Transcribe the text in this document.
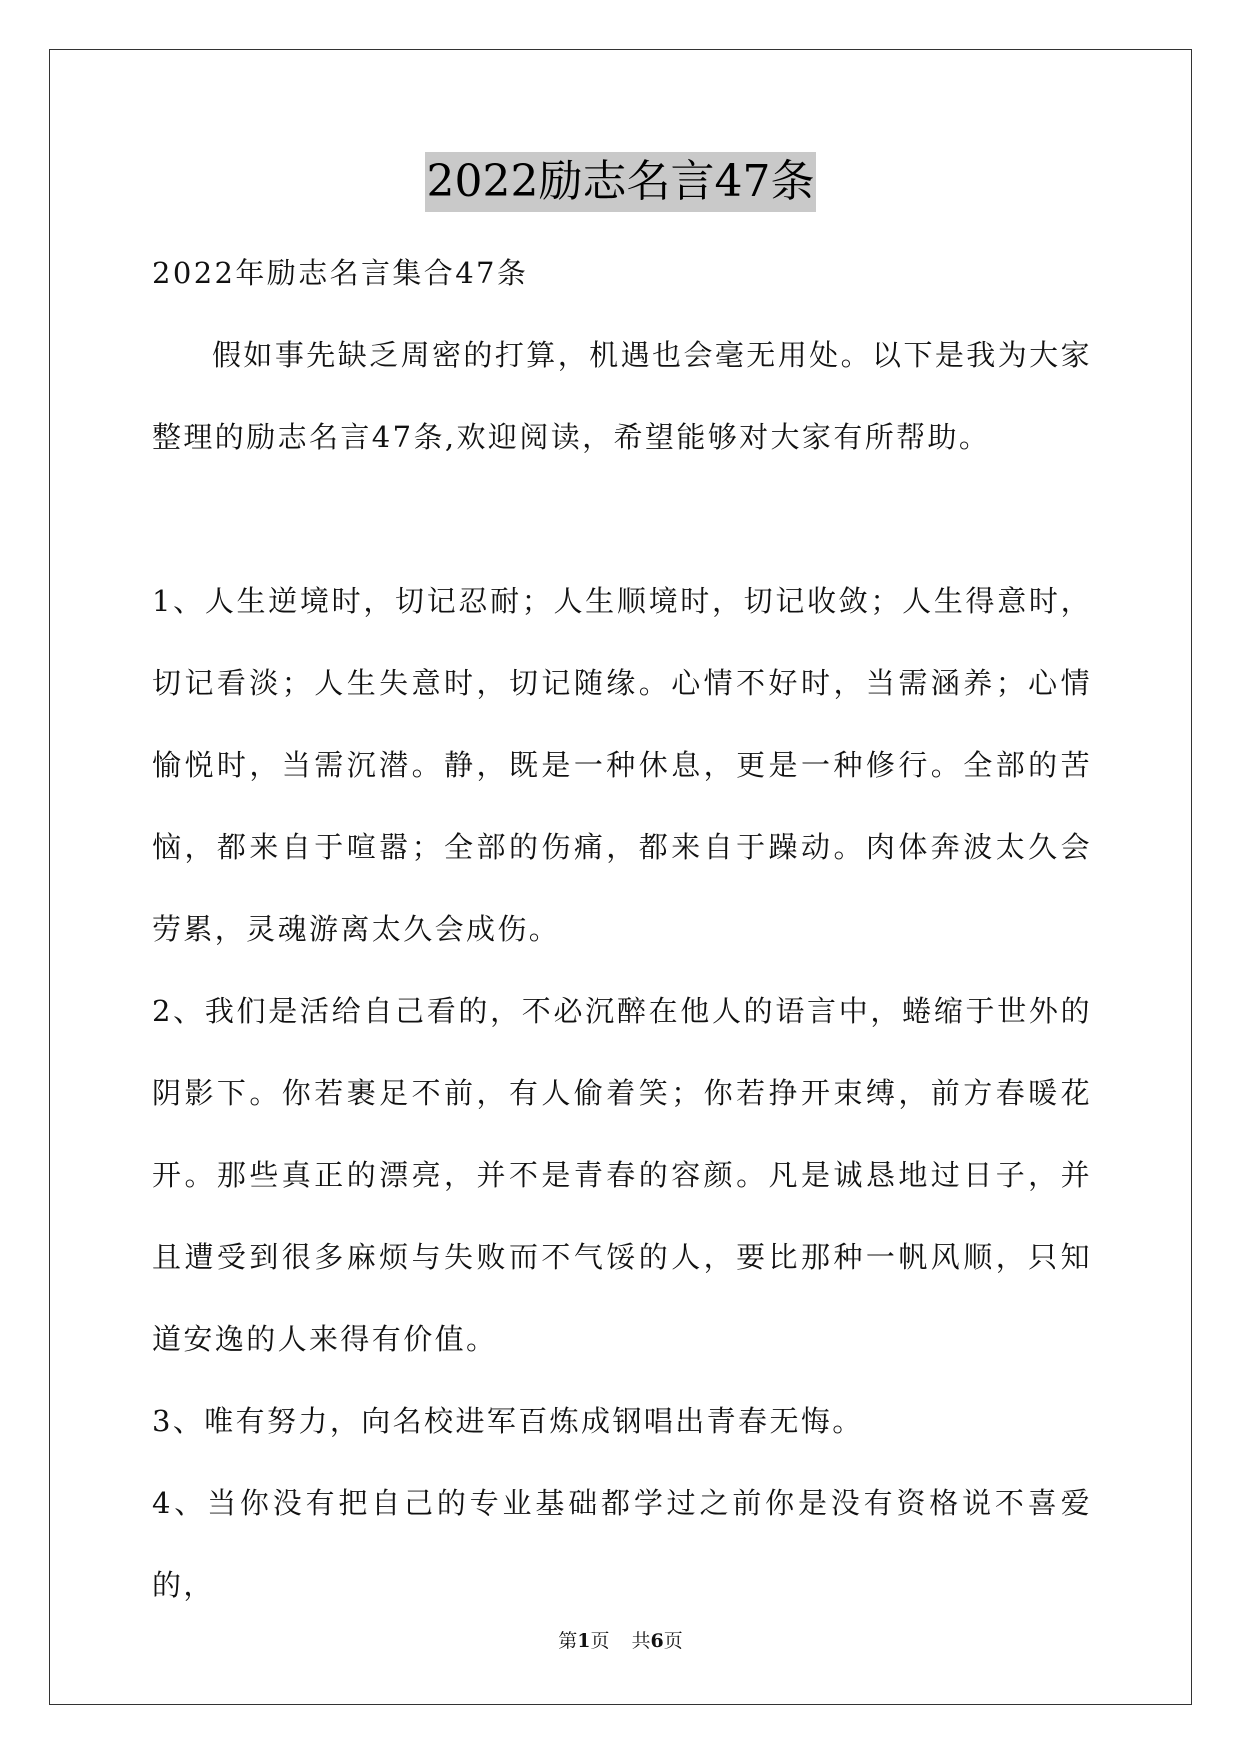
2022励志名言47条

2022年励志名言集合47条

假如事先缺乏周密的打算，机遇也会毫无用处。以下是我为大家整理的励志名言47条,欢迎阅读，希望能够对大家有所帮助。

1、人生逆境时，切记忍耐；人生顺境时，切记收敛；人生得意时，切记看淡；人生失意时，切记随缘。心情不好时，当需涵养；心情愉悦时，当需沉潜。静，既是一种休息，更是一种修行。全部的苦恼，都来自于喧嚣；全部的伤痛，都来自于躁动。肉体奔波太久会劳累，灵魂游离太久会成伤。

2、我们是活给自己看的，不必沉醉在他人的语言中，蜷缩于世外的阴影下。你若裹足不前，有人偷着笑；你若挣开束缚，前方春暖花开。那些真正的漂亮，并不是青春的容颜。凡是诚恳地过日子，并且遭受到很多麻烦与失败而不气馁的人，要比那种一帆风顺，只知道安逸的人来得有价值。

3、唯有努力，向名校进军百炼成钢唱出青春无悔。

4、当你没有把自己的专业基础都学过之前你是没有资格说不喜爱的，

第1页 共6页
